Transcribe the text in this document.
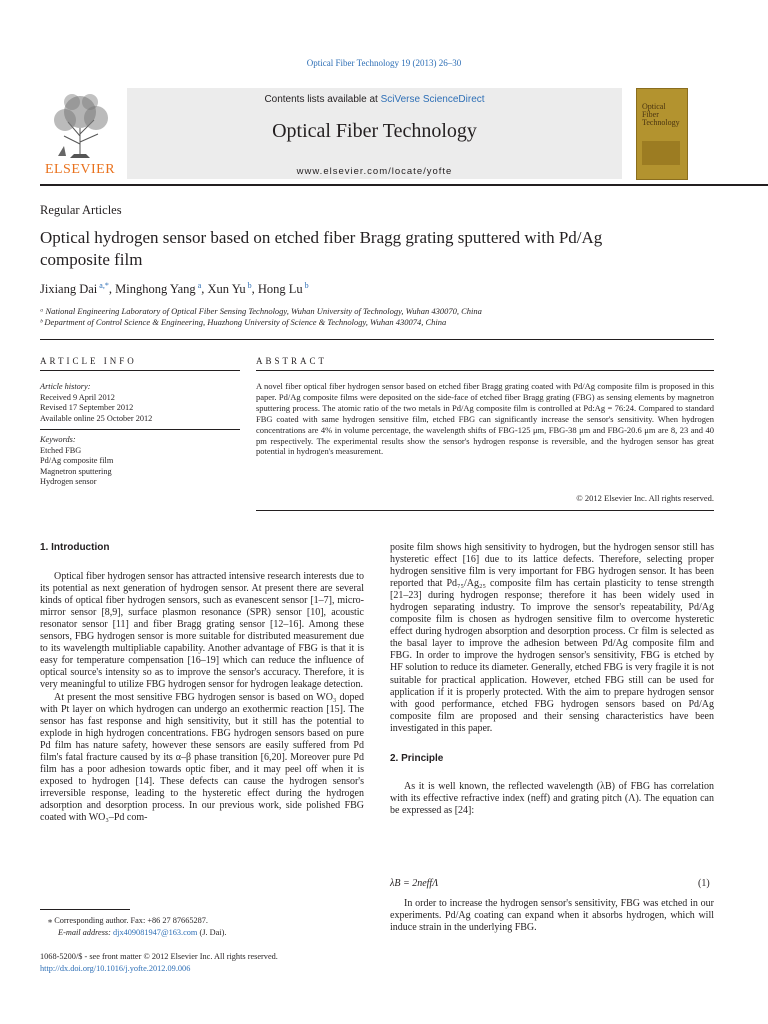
Optical Fiber Technology 19 (2013) 26–30
Contents lists available at SciVerse ScienceDirect
Optical Fiber Technology
www.elsevier.com/locate/yofte
ELSEVIER
Optical Fiber Technology
Regular Articles
Optical hydrogen sensor based on etched fiber Bragg grating sputtered with Pd/Ag composite film
Jixiang Dai $^{a,*}$, Minghong Yang $^a$, Xun Yu $^b$, Hong Lu $^b$
ᵃ National Engineering Laboratory of Optical Fiber Sensing Technology, Wuhan University of Technology, Wuhan 430070, China
ᵇ Department of Control Science & Engineering, Huazhong University of Science & Technology, Wuhan 430074, China
ARTICLE INFO
Article history:
Received 9 April 2012
Revised 17 September 2012
Available online 25 October 2012
Keywords:
Etched FBG
Pd/Ag composite film
Magnetron sputtering
Hydrogen sensor
ABSTRACT
A novel fiber optical fiber hydrogen sensor based on etched fiber Bragg grating coated with Pd/Ag composite film is proposed in this paper. Pd/Ag composite films were deposited on the side-face of etched fiber Bragg grating (FBG) as sensing elements by magnetron sputtering process. The atomic ratio of the two metals in Pd/Ag composite film is controlled at Pd:Ag = 76:24. Compared to standard FBG coated with same hydrogen sensitive film, etched FBG can significantly increase the sensor's sensitivity. When hydrogen concentrations are 4% in volume percentage, the wavelength shifts of FBG-125 μm, FBG-38 μm and FBG-20.6 μm are 8, 23 and 40 pm respectively. The experimental results show the sensor's hydrogen response is reversible, and the hydrogen sensor has great potential in hydrogen's measurement.
© 2012 Elsevier Inc. All rights reserved.
1. Introduction

Optical fiber hydrogen sensor has attracted intensive research interests due to its potential as next generation of hydrogen sensor. At present there are several kinds of optical fiber hydrogen sensors, such as evanescent sensor [1–7], micro-mirror sensor [8,9], surface plasmon resonance (SPR) sensor [10], acoustic resonator sensor [11] and fiber Bragg grating sensor [12–16]. Among these sensors, FBG hydrogen sensor is more suitable for distributed measurement due to its wavelength multipliable capability. Another advantage of FBG is that it is easy for temperature compensation [16–19] which can reduce the influence of optical source's intensity so as to improve the sensor's accuracy. Therefore, it is very meaningful to utilize FBG hydrogen sensor for hydrogen leakage detection.

At present the most sensitive FBG hydrogen sensor is based on WO₃ doped with Pt layer on which hydrogen can undergo an exothermic reaction [15]. The sensor has fast response and high sensitivity, but it still has the potential to explode in high hydrogen concentrations. FBG hydrogen sensors based on pure Pd film has nature safety, however these sensors are easily suffered from Pd film's fatal fracture caused by its α–β phase transition [6,20]. Moreover pure Pd film has a poor adhesion towards optic fiber, and it may peel off when it is exposed to hydrogen [14]. These defects can cause the hydrogen sensor's irreversible response, leading to the hysteretic effect during the hydrogen adsorption and desorption process. In our previous work, side polished FBG coated with WO₃–Pd com-

posite film shows high sensitivity to hydrogen, but the hydrogen sensor still has hysteretic effect [16] due to its lattice defects. Therefore, selecting proper hydrogen sensitive film is very important for FBG hydrogen sensor. It has been reported that Pd₇₅/Ag₂₅ composite film has certain plasticity to tense strength [21–23] during hydrogen response; therefore it has been widely used in hydrogen separating industry. To improve the sensor's repeatability, Pd/Ag composite film is chosen as hydrogen sensitive film to overcome hysteretic effect during hydrogen absorption and desorption process. Cr film is selected as the basal layer to improve the adhesion between Pd/Ag composite film and FBG. In order to improve the hydrogen sensor's sensitivity, FBG is etched by HF solution to reduce its diameter. Generally, etched FBG is very fragile it is not suitable for practical application. However, etched FBG still can be used for application if it is properly protected. With the aim to prepare hydrogen sensor with good performance, etched FBG hydrogen sensors based on Pd/Ag composite film are proposed and their sensing characteristics have been investigated in this paper.

2. Principle

As it is well known, the reflected wavelength (λB) of FBG has correlation with its effective refractive index (neff) and grating pitch (Λ). The equation can be expressed as [24]:

λB = 2neffΛ	(1)

In order to increase the hydrogen sensor's sensitivity, FBG was etched in our experiments. Pd/Ag coating can expand when it absorbs hydrogen, which will induce strain in the underlying FBG.

⁎ Corresponding author. Fax: +86 27 87665287.
E-mail address: djx409081947@163.com (J. Dai).
1068-5200/$ - see front matter © 2012 Elsevier Inc. All rights reserved.
http://dx.doi.org/10.1016/j.yofte.2012.09.006
